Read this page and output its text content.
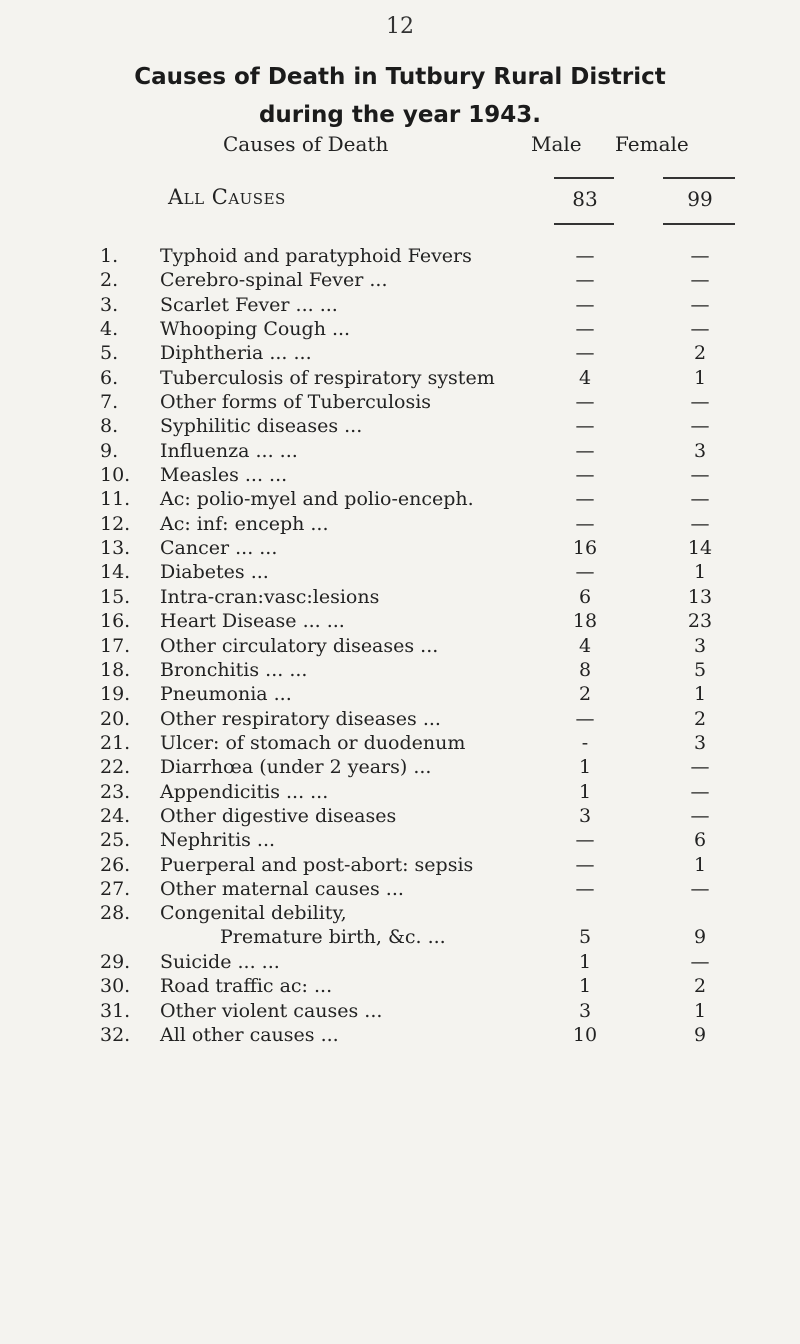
12
Causes of Death in Tutbury Rural District during the year 1943.
Causes of Death	Male Female
All Causes	83	99
1.	Typhoid and paratyphoid Fevers	—	—
2.	Cerebro-spinal Fever ...	—	—
3.	Scarlet Fever ... ...	—	—
4.	Whooping Cough ...	—	—
5.	Diphtheria ... ...	—	2
6.	Tuberculosis of respiratory system	4	1
7.	Other forms of Tuberculosis	—	—
8.	Syphilitic diseases ...	—	—
9.	Influenza ... ...	—	3
10.	Measles ... ...	—	—
11.	Ac: polio-myel and polio-enceph.	—	—
12.	Ac: inf: enceph ...	—	—
13.	Cancer ... ...	16	14
14.	Diabetes ...	—	1
15.	Intra-cran:vasc:lesions	6	13
16.	Heart Disease ... ...	18	23
17.	Other circulatory diseases ...	4	3
18.	Bronchitis ... ...	8	5
19.	Pneumonia ...	2	1
20.	Other respiratory diseases ...	—	2
21.	Ulcer: of stomach or duodenum	-	3
22.	Diarrhœa (under 2 years) ...	1	—
23.	Appendicitis ... ...	1	—
24.	Other digestive diseases	3	—
25.	Nephritis ...	—	6
26.	Puerperal and post-abort: sepsis	—	1
27.	Other maternal causes ...	—	—
28.	Congenital debility,
Premature birth, &c. ...	5	9
29.	Suicide ... ...	1	—
30.	Road traffic ac: ...	1	2
31.	Other violent causes ...	3	1
32.	All other causes ...	10	9
